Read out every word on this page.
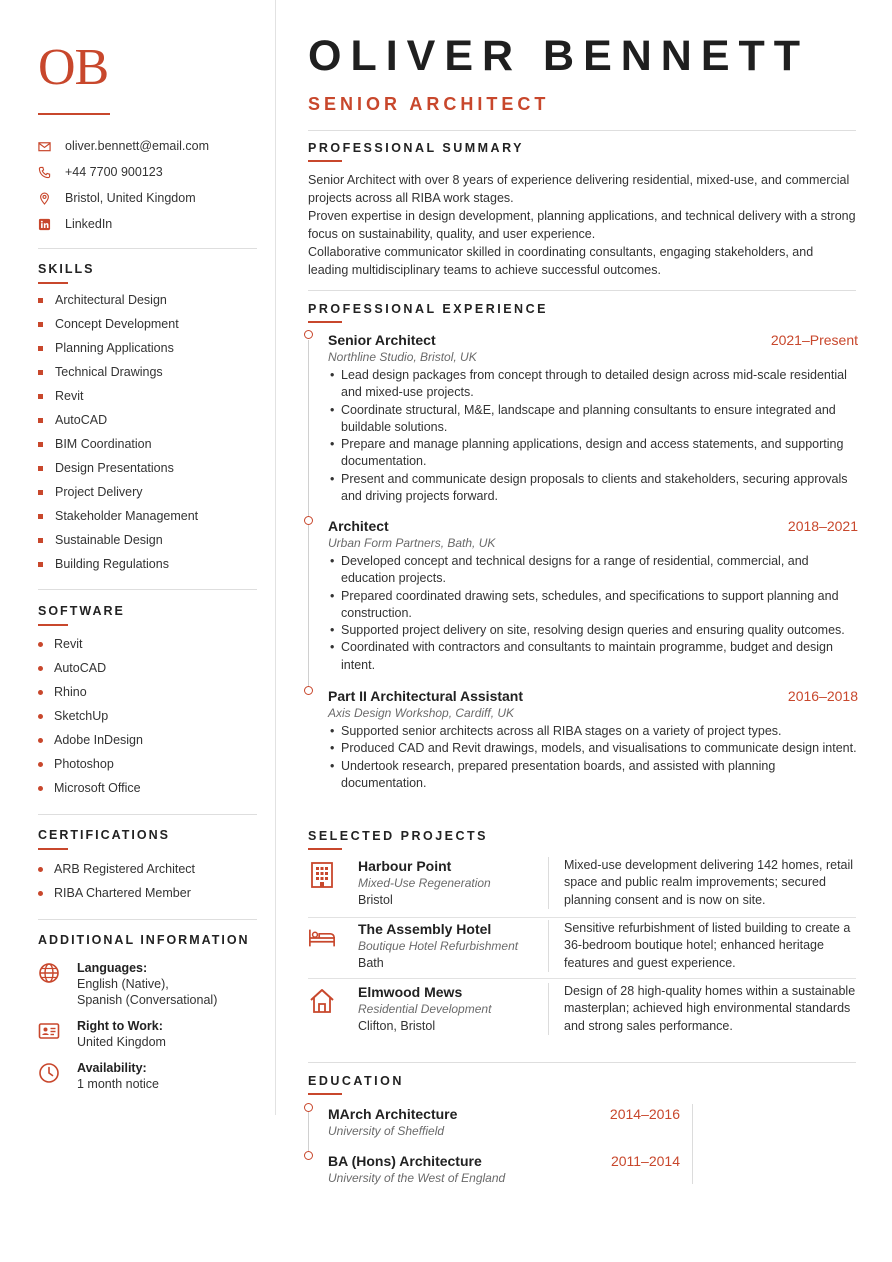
OB
oliver.bennett@email.com
+44 7700 900123
Bristol, United Kingdom
LinkedIn
SKILLS
Architectural Design
Concept Development
Planning Applications
Technical Drawings
Revit
AutoCAD
BIM Coordination
Design Presentations
Project Delivery
Stakeholder Management
Sustainable Design
Building Regulations
SOFTWARE
Revit
AutoCAD
Rhino
SketchUp
Adobe InDesign
Photoshop
Microsoft Office
CERTIFICATIONS
ARB Registered Architect
RIBA Chartered Member
ADDITIONAL INFORMATION
Languages:
English (Native),
Spanish (Conversational)
Right to Work:
United Kingdom
Availability:
1 month notice
OLIVER BENNETT
SENIOR ARCHITECT
PROFESSIONAL SUMMARY

Senior Architect with over 8 years of experience delivering residential, mixed-use, and commercial projects across all RIBA work stages.

Proven expertise in design development, planning applications, and technical delivery with a strong focus on sustainability, quality, and user experience.

Collaborative communicator skilled in coordinating consultants, engaging stakeholders, and leading multidisciplinary teams to achieve successful outcomes.

PROFESSIONAL EXPERIENCE
Senior Architect	2021–Present
Northline Studio, Bristol, UK
• Lead design packages from concept through to detailed design across mid-scale residential and mixed-use projects.
• Coordinate structural, M&E, landscape and planning consultants to ensure integrated and buildable solutions.
• Prepare and manage planning applications, design and access statements, and supporting documentation.
• Present and communicate design proposals to clients and stakeholders, securing approvals and driving projects forward.
Architect	2018–2021
Urban Form Partners, Bath, UK
• Developed concept and technical designs for a range of residential, commercial, and education projects.
• Prepared coordinated drawing sets, schedules, and specifications to support planning and construction.
• Supported project delivery on site, resolving design queries and ensuring quality outcomes.
• Coordinated with contractors and consultants to maintain programme, budget and design intent.
Part II Architectural Assistant	2016–2018
Axis Design Workshop, Cardiff, UK
• Supported senior architects across all RIBA stages on a variety of project types.
• Produced CAD and Revit drawings, models, and visualisations to communicate design intent.
• Undertook research, prepared presentation boards, and assisted with planning documentation.
SELECTED PROJECTS
Harbour Point
Mixed-Use Regeneration
Bristol
Mixed-use development delivering 142 homes, retail space and public realm improvements; secured planning consent and is now on site.
The Assembly Hotel
Boutique Hotel Refurbishment
Bath
Sensitive refurbishment of listed building to create a 36-bedroom boutique hotel; enhanced heritage features and guest experience.
Elmwood Mews
Residential Development
Clifton, Bristol
Design of 28 high-quality homes within a sustainable masterplan; achieved high environmental standards and strong sales performance.
EDUCATION
MArch Architecture	2014–2016
University of Sheffield
BA (Hons) Architecture	2011–2014
University of the West of England
